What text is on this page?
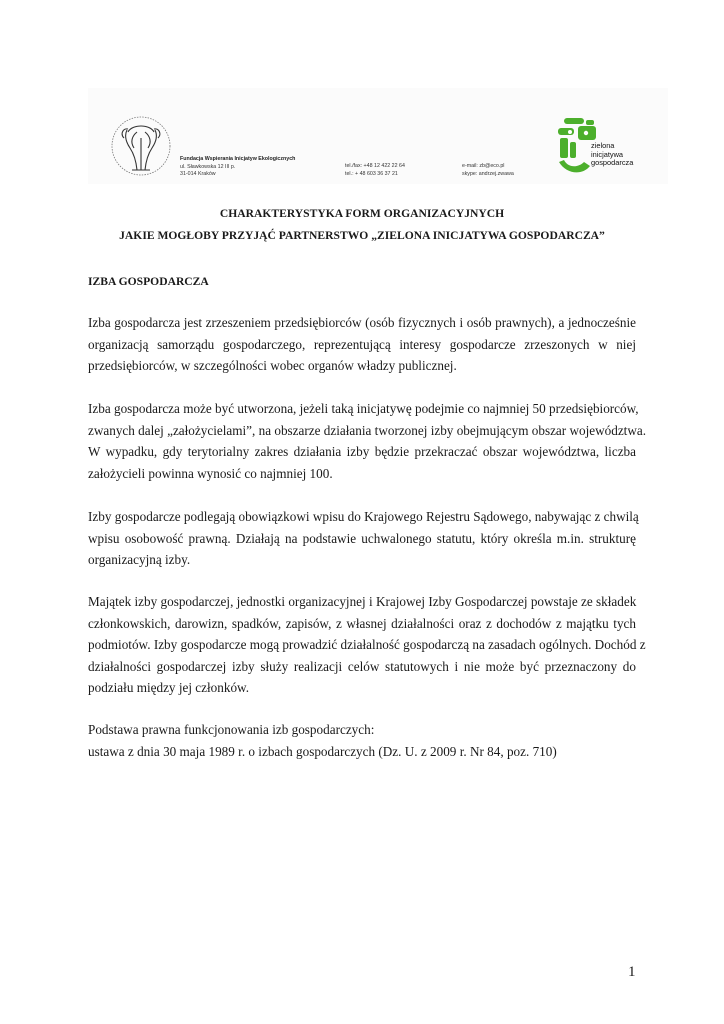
Fundacja Wspierania Inicjatyw Ekologicznych
ul. Sławkowska 12 III p.
31-014 Kraków
tel./fax: +48 12 422 22 64
tel.: + 48 603 36 37 21
e-mail: zb@eco.pl
skype: andrzej.zwawa
zielona
inicjatywa
gospodarcza
CHARAKTERYSTYKA FORM ORGANIZACYJNYCH
JAKIE MOGŁOBY PRZYJĄĆ PARTNERSTWO „ZIELONA INICJATYWA GOSPODARCZA”
IZBA GOSPODARCZA
Izba gospodarcza jest zrzeszeniem przedsiębiorców (osób fizycznych i osób prawnych), a jednocześnie
organizacją samorządu gospodarczego, reprezentującą interesy gospodarcze zrzeszonych w niej
przedsiębiorców, w szczególności wobec organów władzy publicznej.
Izba gospodarcza może być utworzona, jeżeli taką inicjatywę podejmie co najmniej 50 przedsiębiorców,
zwanych dalej „założycielami”, na obszarze działania tworzonej izby obejmującym obszar województwa.
W wypadku, gdy terytorialny zakres działania izby będzie przekraczać obszar województwa, liczba
założycieli powinna wynosić co najmniej 100.
Izby gospodarcze podlegają obowiązkowi wpisu do Krajowego Rejestru Sądowego, nabywając z chwilą
wpisu osobowość prawną. Działają na podstawie uchwalonego statutu, który określa m.in. strukturę
organizacyjną izby.
Majątek izby gospodarczej, jednostki organizacyjnej i Krajowej Izby Gospodarczej powstaje ze składek
członkowskich, darowizn, spadków, zapisów, z własnej działalności oraz z dochodów z majątku tych
podmiotów. Izby gospodarcze mogą prowadzić działalność gospodarczą na zasadach ogólnych. Dochód z
działalności gospodarczej izby służy realizacji celów statutowych i nie może być przeznaczony do
podziału między jej członków.
Podstawa prawna funkcjonowania izb gospodarczych:
ustawa z dnia 30 maja 1989 r. o izbach gospodarczych (Dz. U. z 2009 r. Nr 84, poz. 710)
1
